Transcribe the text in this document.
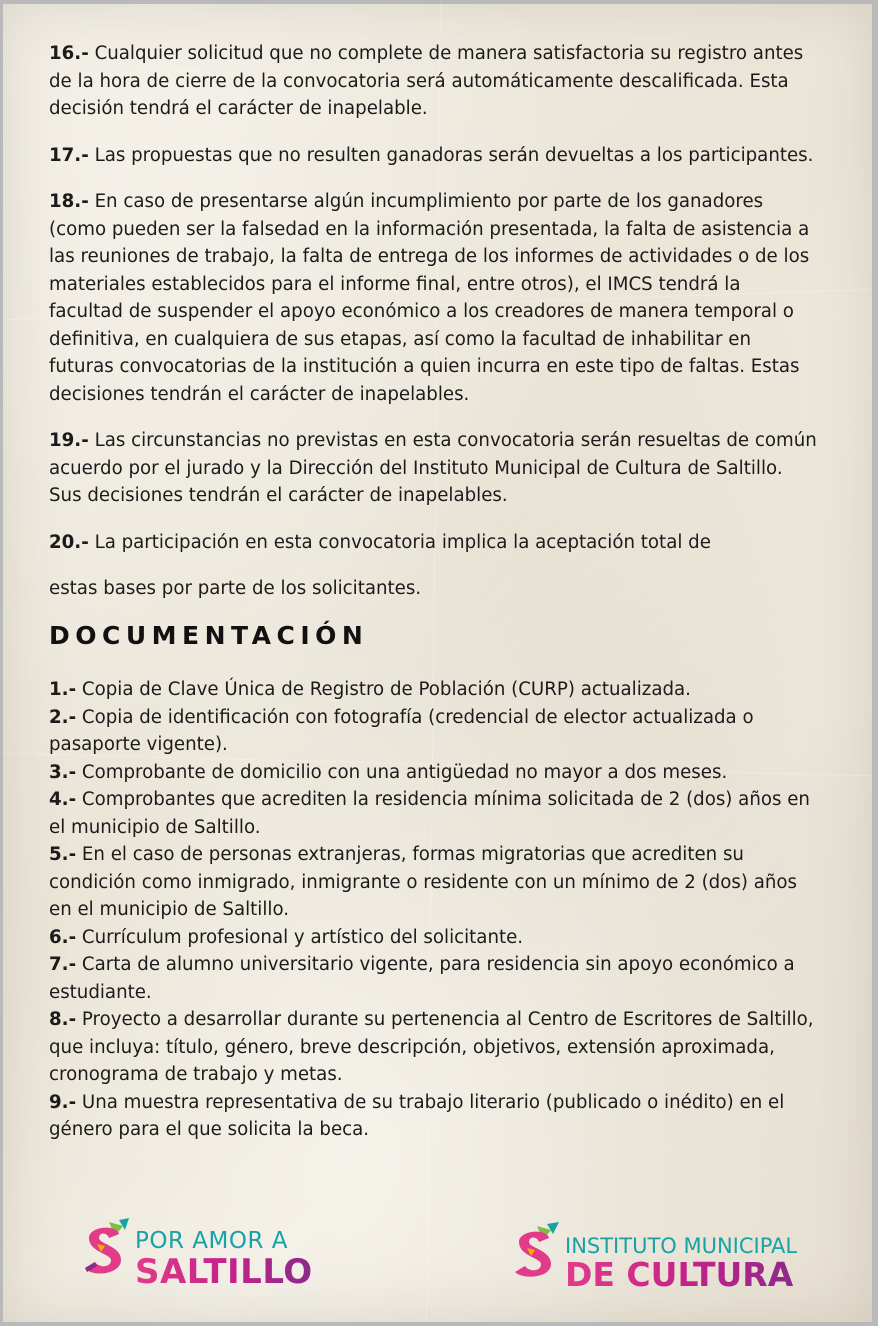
16.- Cualquier solicitud que no complete de manera satisfactoria su registro antes de la hora de cierre de la convocatoria será automáticamente descalificada. Esta decisión tendrá el carácter de inapelable.

17.- Las propuestas que no resulten ganadoras serán devueltas a los participantes.

18.- En caso de presentarse algún incumplimiento por parte de los ganadores (como pueden ser la falsedad en la información presentada, la falta de asistencia a las reuniones de trabajo, la falta de entrega de los informes de actividades o de los materiales establecidos para el informe final, entre otros), el IMCS tendrá la facultad de suspender el apoyo económico a los creadores de manera temporal o definitiva, en cualquiera de sus etapas, así como la facultad de inhabilitar en futuras convocatorias de la institución a quien incurra en este tipo de faltas. Estas decisiones tendrán el carácter de inapelables.

19.- Las circunstancias no previstas en esta convocatoria serán resueltas de común acuerdo por el jurado y la Dirección del Instituto Municipal de Cultura de Saltillo. Sus decisiones tendrán el carácter de inapelables.

20.- La participación en esta convocatoria implica la aceptación total de
estas bases por parte de los solicitantes.

DOCUMENTACIÓN

1.- Copia de Clave Única de Registro de Población (CURP) actualizada.

2.- Copia de identificación con fotografía (credencial de elector actualizada o pasaporte vigente).

3.- Comprobante de domicilio con una antigüedad no mayor a dos meses.

4.- Comprobantes que acrediten la residencia mínima solicitada de 2 (dos) años en el municipio de Saltillo.

5.- En el caso de personas extranjeras, formas migratorias que acrediten su condición como inmigrado, inmigrante o residente con un mínimo de 2 (dos) años en el municipio de Saltillo.

6.- Currículum profesional y artístico del solicitante.

7.- Carta de alumno universitario vigente, para residencia sin apoyo económico a estudiante.

8.- Proyecto a desarrollar durante su pertenencia al Centro de Escritores de Saltillo, que incluya: título, género, breve descripción, objetivos, extensión aproximada, cronograma de trabajo y metas.

9.- Una muestra representativa de su trabajo literario (publicado o inédito) en el género para el que solicita la beca.

POR AMOR A
SALTILLO
INSTITUTO MUNICIPAL
DE CULTURA
